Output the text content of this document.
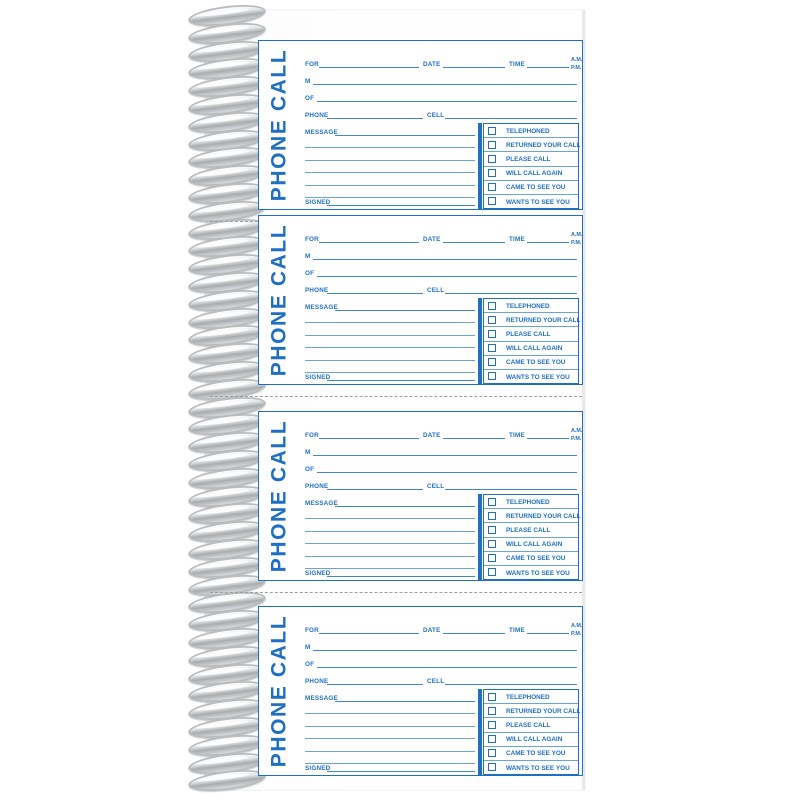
PHONE CALL FOR	DATE	TIME
A.M.
P.M.
M
OF
PHONE	CELL
MESSAGE
SIGNED
TELEPHONED
RETURNED YOUR CALL
PLEASE CALL
WILL CALL AGAIN
CAME TO SEE YOU
WANTS TO SEE YOU
PHONE CALL FOR	DATE	TIME
A.M.
P.M.
M
OF
PHONE	CELL
MESSAGE
SIGNED
TELEPHONED
RETURNED YOUR CALL
PLEASE CALL
WILL CALL AGAIN
CAME TO SEE YOU
WANTS TO SEE YOU
PHONE CALL FOR	DATE	TIME
A.M.
P.M.
M
OF
PHONE	CELL
MESSAGE
SIGNED
TELEPHONED
RETURNED YOUR CALL
PLEASE CALL
WILL CALL AGAIN
CAME TO SEE YOU
WANTS TO SEE YOU
PHONE CALL FOR	DATE	TIME
A.M.
P.M.
M
OF
PHONE	CELL
MESSAGE
SIGNED
TELEPHONED
RETURNED YOUR CALL
PLEASE CALL
WILL CALL AGAIN
CAME TO SEE YOU
WANTS TO SEE YOU
